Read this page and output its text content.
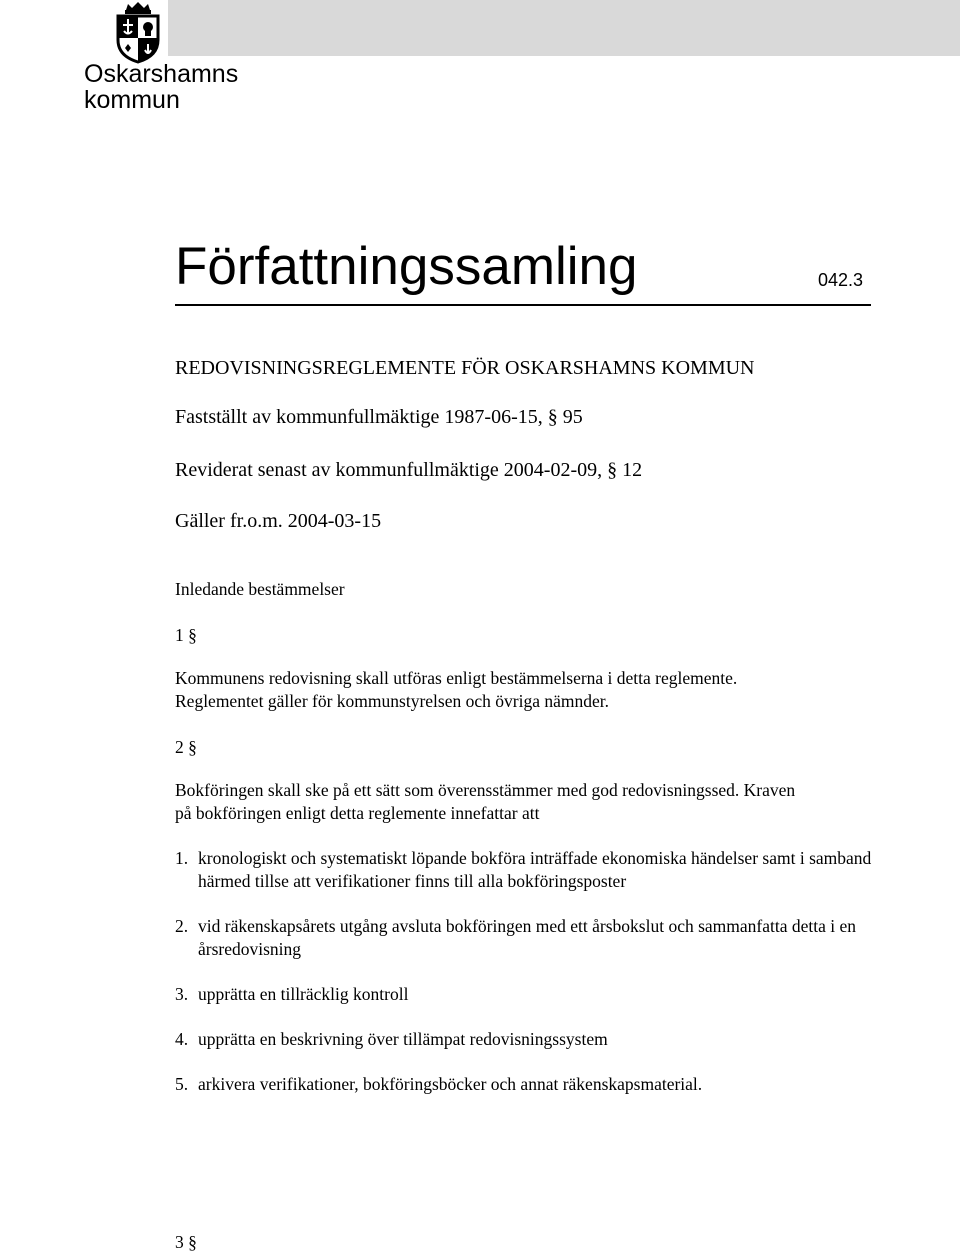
Oskarshamns
kommun
Författningssamling	042.3
REDOVISNINGSREGLEMENTE FÖR OSKARSHAMNS KOMMUN
Fastställt av kommunfullmäktige 1987-06-15, § 95
Reviderat senast av kommunfullmäktige 2004-02-09, § 12
Gäller fr.o.m. 2004-03-15
Inledande bestämmelser
1 §
Kommunens redovisning skall utföras enligt bestämmelserna i detta reglemente.
Reglementet gäller för kommunstyrelsen och övriga nämnder.
2 §
Bokföringen skall ske på ett sätt som överensstämmer med god redovisningssed. Kraven
på bokföringen enligt detta reglemente innefattar att
1. kronologiskt och systematiskt löpande bokföra inträffade ekonomiska händelser samt i samband härmed tillse att verifikationer finns till alla bokföringsposter
2. vid räkenskapsårets utgång avsluta bokföringen med ett årsbokslut och sammanfatta detta i en årsredovisning
3. upprätta en tillräcklig kontroll
4. upprätta en beskrivning över tillämpat redovisningssystem
5. arkivera verifikationer, bokföringsböcker och annat räkenskapsmaterial.
3 §
